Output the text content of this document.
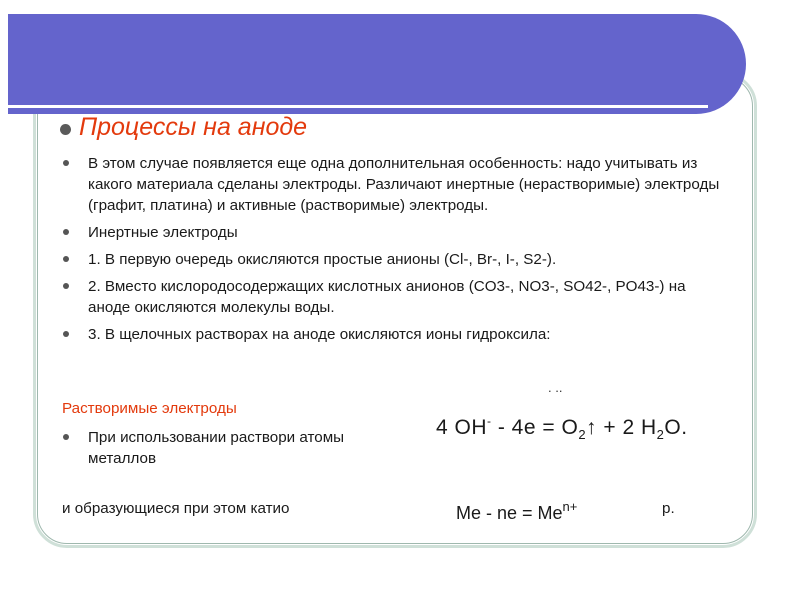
Процессы на аноде
В этом случае появляется еще одна дополнительная особенность: надо учитывать из какого материала сделаны электроды. Различают инертные (нерастворимые) электроды (графит, платина) и активные (растворимые) электроды.
Инертные электроды
1. В первую очередь окисляются простые анионы (Cl-, Br-, I-, S2-).
2. Вместо кислородосодержащих кислотных анионов (CO3-, NO3-, SO42-, PO43-) на аноде окисляются молекулы воды.
3. В щелочных растворах на аноде окисляются ионы гидроксила:
. ..
Растворимые электроды
При использовании раствори атомы металлов
4 $OH^- - 4e = O_2↑ + 2$ $H_2O$.
и образующиеся при этом катио	Me - ne = $Me^{n+}$	р.
